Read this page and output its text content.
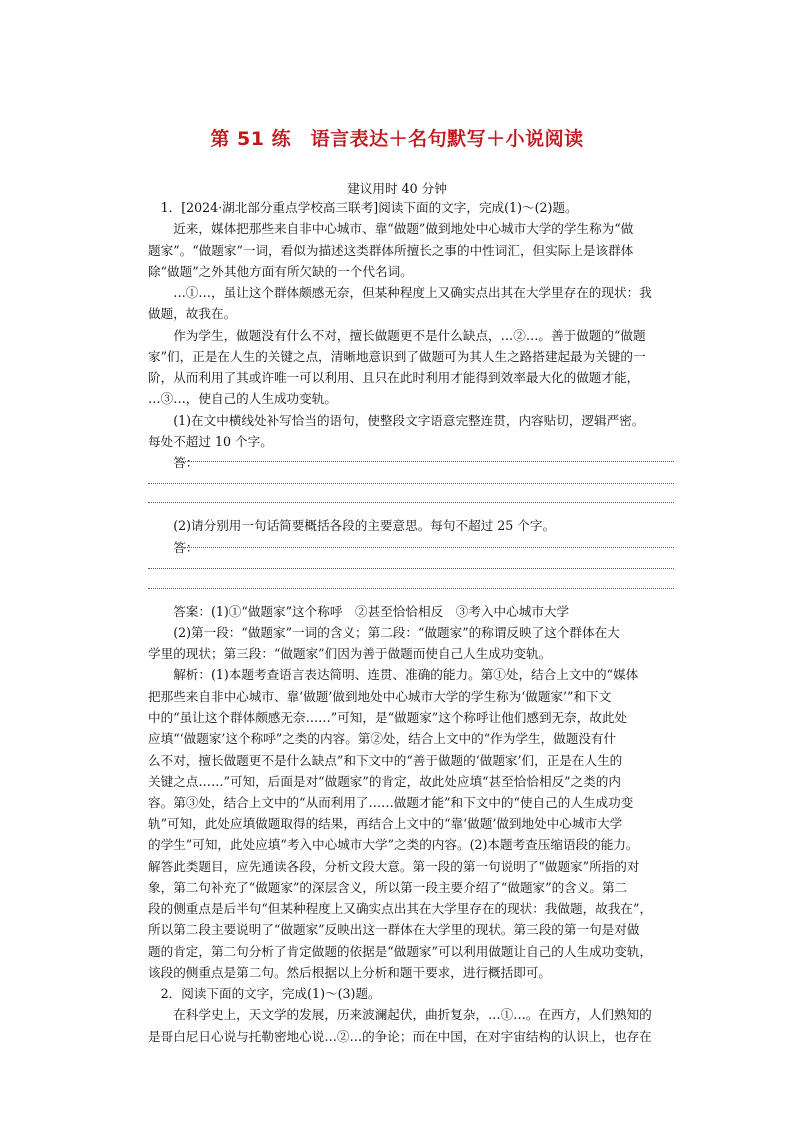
第 51 练　语言表达＋名句默写＋小说阅读
建议用时 40 分钟
　1．[2024·湖北部分重点学校高三联考]阅读下面的文字，完成(1)～(2)题。
　　近来，媒体把那些来自非中心城市、靠“做题”做到地处中心城市大学的学生称为“做
题家”。“做题家”一词，看似为描述这类群体所擅长之事的中性词汇，但实际上是该群体
除“做题”之外其他方面有所欠缺的一个代名词。
　　…①…，虽让这个群体颇感无奈，但某种程度上又确实点出其在大学里存在的现状：我
做题，故我在。
　　作为学生，做题没有什么不对，擅长做题更不是什么缺点，…②…。善于做题的“做题
家”们，正是在人生的关键之点，清晰地意识到了做题可为其人生之路搭建起最为关键的一
阶，从而利用了其或许唯一可以利用、且只在此时利用才能得到效率最大化的做题才能，
…③…，使自己的人生成功变轨。
　　(1)在文中横线处补写恰当的语句，使整段文字语意完整连贯，内容贴切，逻辑严密。
每处不超过 10 个字。
　　答：
　　(2)请分别用一句话简要概括各段的主要意思。每句不超过 25 个字。
　　答：
　　答案：(1)①“做题家”这个称呼　②甚至恰恰相反　③考入中心城市大学
　　(2)第一段：“做题家”一词的含义；第二段：“做题家”的称谓反映了这个群体在大
学里的现状；第三段：“做题家”们因为善于做题而使自己人生成功变轨。
　　解析：(1)本题考查语言表达简明、连贯、准确的能力。第①处，结合上文中的“媒体
把那些来自非中心城市、靠‘做题’做到地处中心城市大学的学生称为‘做题家’”和下文
中的“虽让这个群体颇感无奈……”可知，是“做题家”这个称呼让他们感到无奈，故此处
应填“‘做题家’这个称呼”之类的内容。第②处，结合上文中的“作为学生，做题没有什
么不对，擅长做题更不是什么缺点”和下文中的“善于做题的‘做题家’们，正是在人生的
关键之点……”可知，后面是对“做题家”的肯定，故此处应填“甚至恰恰相反”之类的内
容。第③处，结合上文中的“从而利用了……做题才能”和下文中的“使自己的人生成功变
轨”可知，此处应填做题取得的结果，再结合上文中的“靠‘做题’做到地处中心城市大学
的学生”可知，此处应填“考入中心城市大学”之类的内容。(2)本题考查压缩语段的能力。
解答此类题目，应先通读各段，分析文段大意。第一段的第一句说明了“做题家”所指的对
象，第二句补充了“做题家”的深层含义，所以第一段主要介绍了“做题家”的含义。第二
段的侧重点是后半句“但某种程度上又确实点出其在大学里存在的现状：我做题，故我在”，
所以第二段主要说明了“做题家”反映出这一群体在大学里的现状。第三段的第一句是对做
题的肯定，第二句分析了肯定做题的依据是“做题家”可以利用做题让自己的人生成功变轨，
该段的侧重点是第二句。然后根据以上分析和题干要求，进行概括即可。
　2．阅读下面的文字，完成(1)～(3)题。
　　在科学史上，天文学的发展，历来波澜起伏，曲折复杂，…①…。在西方，人们熟知的
是哥白尼日心说与托勒密地心说…②…的争论；而在中国，在对宇宙结构的认识上，也存在
